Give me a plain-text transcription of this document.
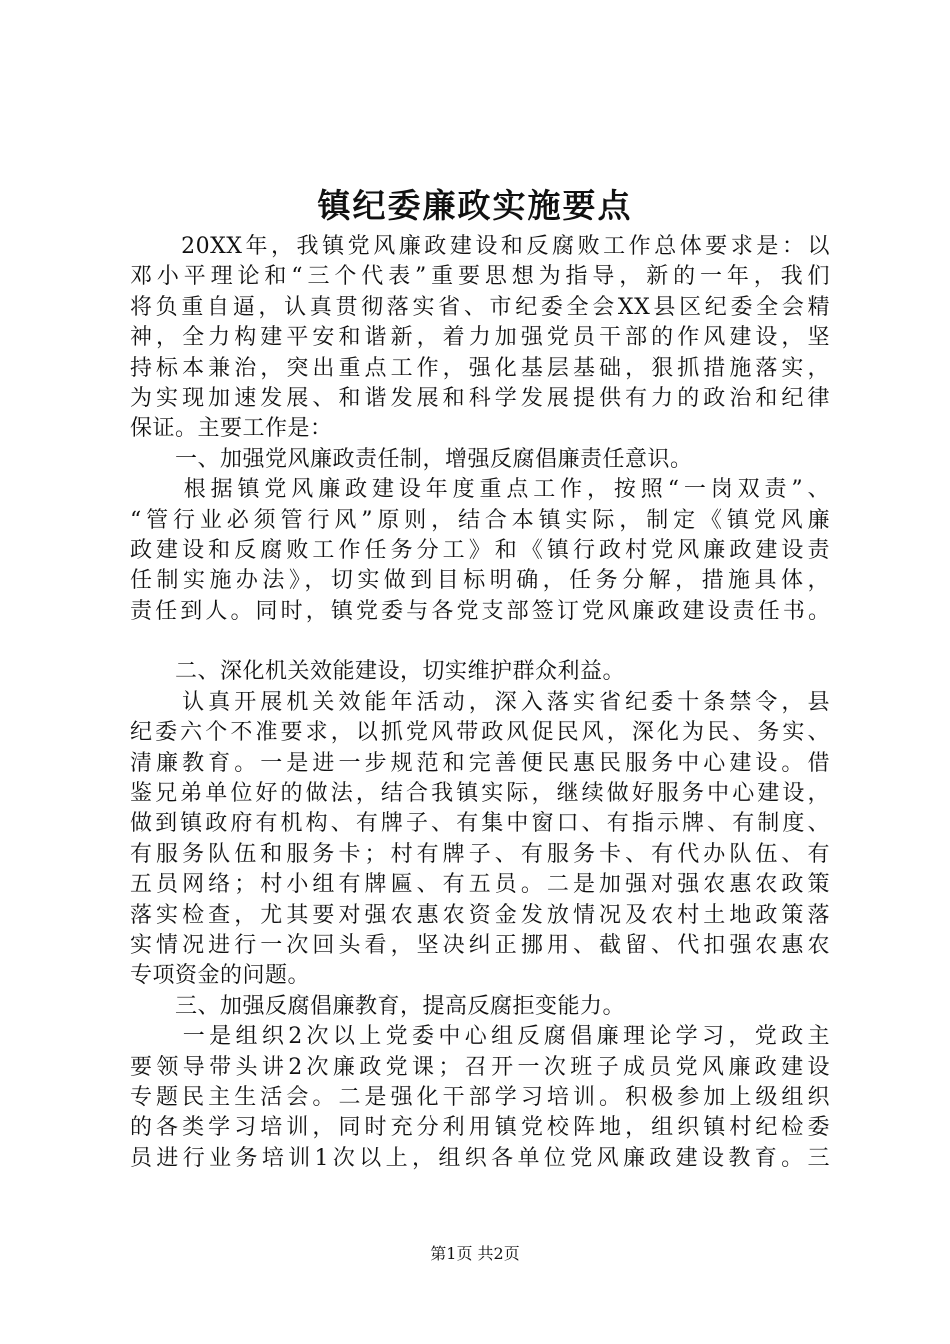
镇纪委廉政实施要点
　　20XX年，我镇党风廉政建设和反腐败工作总体要求是：以
邓小平理论和“三个代表”重要思想为指导，新的一年，我们
将负重自逼，认真贯彻落实省、市纪委全会XX县区纪委全会精
神，全力构建平安和谐新，着力加强党员干部的作风建设，坚
持标本兼治，突出重点工作，强化基层基础，狠抓措施落实，
为实现加速发展、和谐发展和科学发展提供有力的政治和纪律
保证。主要工作是：
　　一、加强党风廉政责任制，增强反腐倡廉责任意识。
　　根据镇党风廉政建设年度重点工作，按照“一岗双责”、
“管行业必须管行风”原则，结合本镇实际，制定《镇党风廉
政建设和反腐败工作任务分工》和《镇行政村党风廉政建设责
任制实施办法》，切实做到目标明确，任务分解，措施具体，
责任到人。同时，镇党委与各党支部签订党风廉政建设责任书。
　　二、深化机关效能建设，切实维护群众利益。
　　认真开展机关效能年活动，深入落实省纪委十条禁令，县
纪委六个不准要求，以抓党风带政风促民风，深化为民、务实、
清廉教育。一是进一步规范和完善便民惠民服务中心建设。借
鉴兄弟单位好的做法，结合我镇实际，继续做好服务中心建设，
做到镇政府有机构、有牌子、有集中窗口、有指示牌、有制度、
有服务队伍和服务卡；村有牌子、有服务卡、有代办队伍、有
五员网络；村小组有牌匾、有五员。二是加强对强农惠农政策
落实检查，尤其要对强农惠农资金发放情况及农村土地政策落
实情况进行一次回头看，坚决纠正挪用、截留、代扣强农惠农
专项资金的问题。
　　三、加强反腐倡廉教育，提高反腐拒变能力。
　　一是组织2次以上党委中心组反腐倡廉理论学习，党政主
要领导带头讲2次廉政党课；召开一次班子成员党风廉政建设
专题民主生活会。二是强化干部学习培训。积极参加上级组织
的各类学习培训，同时充分利用镇党校阵地，组织镇村纪检委
员进行业务培训1次以上，组织各单位党风廉政建设教育。三
第1页 共2页
